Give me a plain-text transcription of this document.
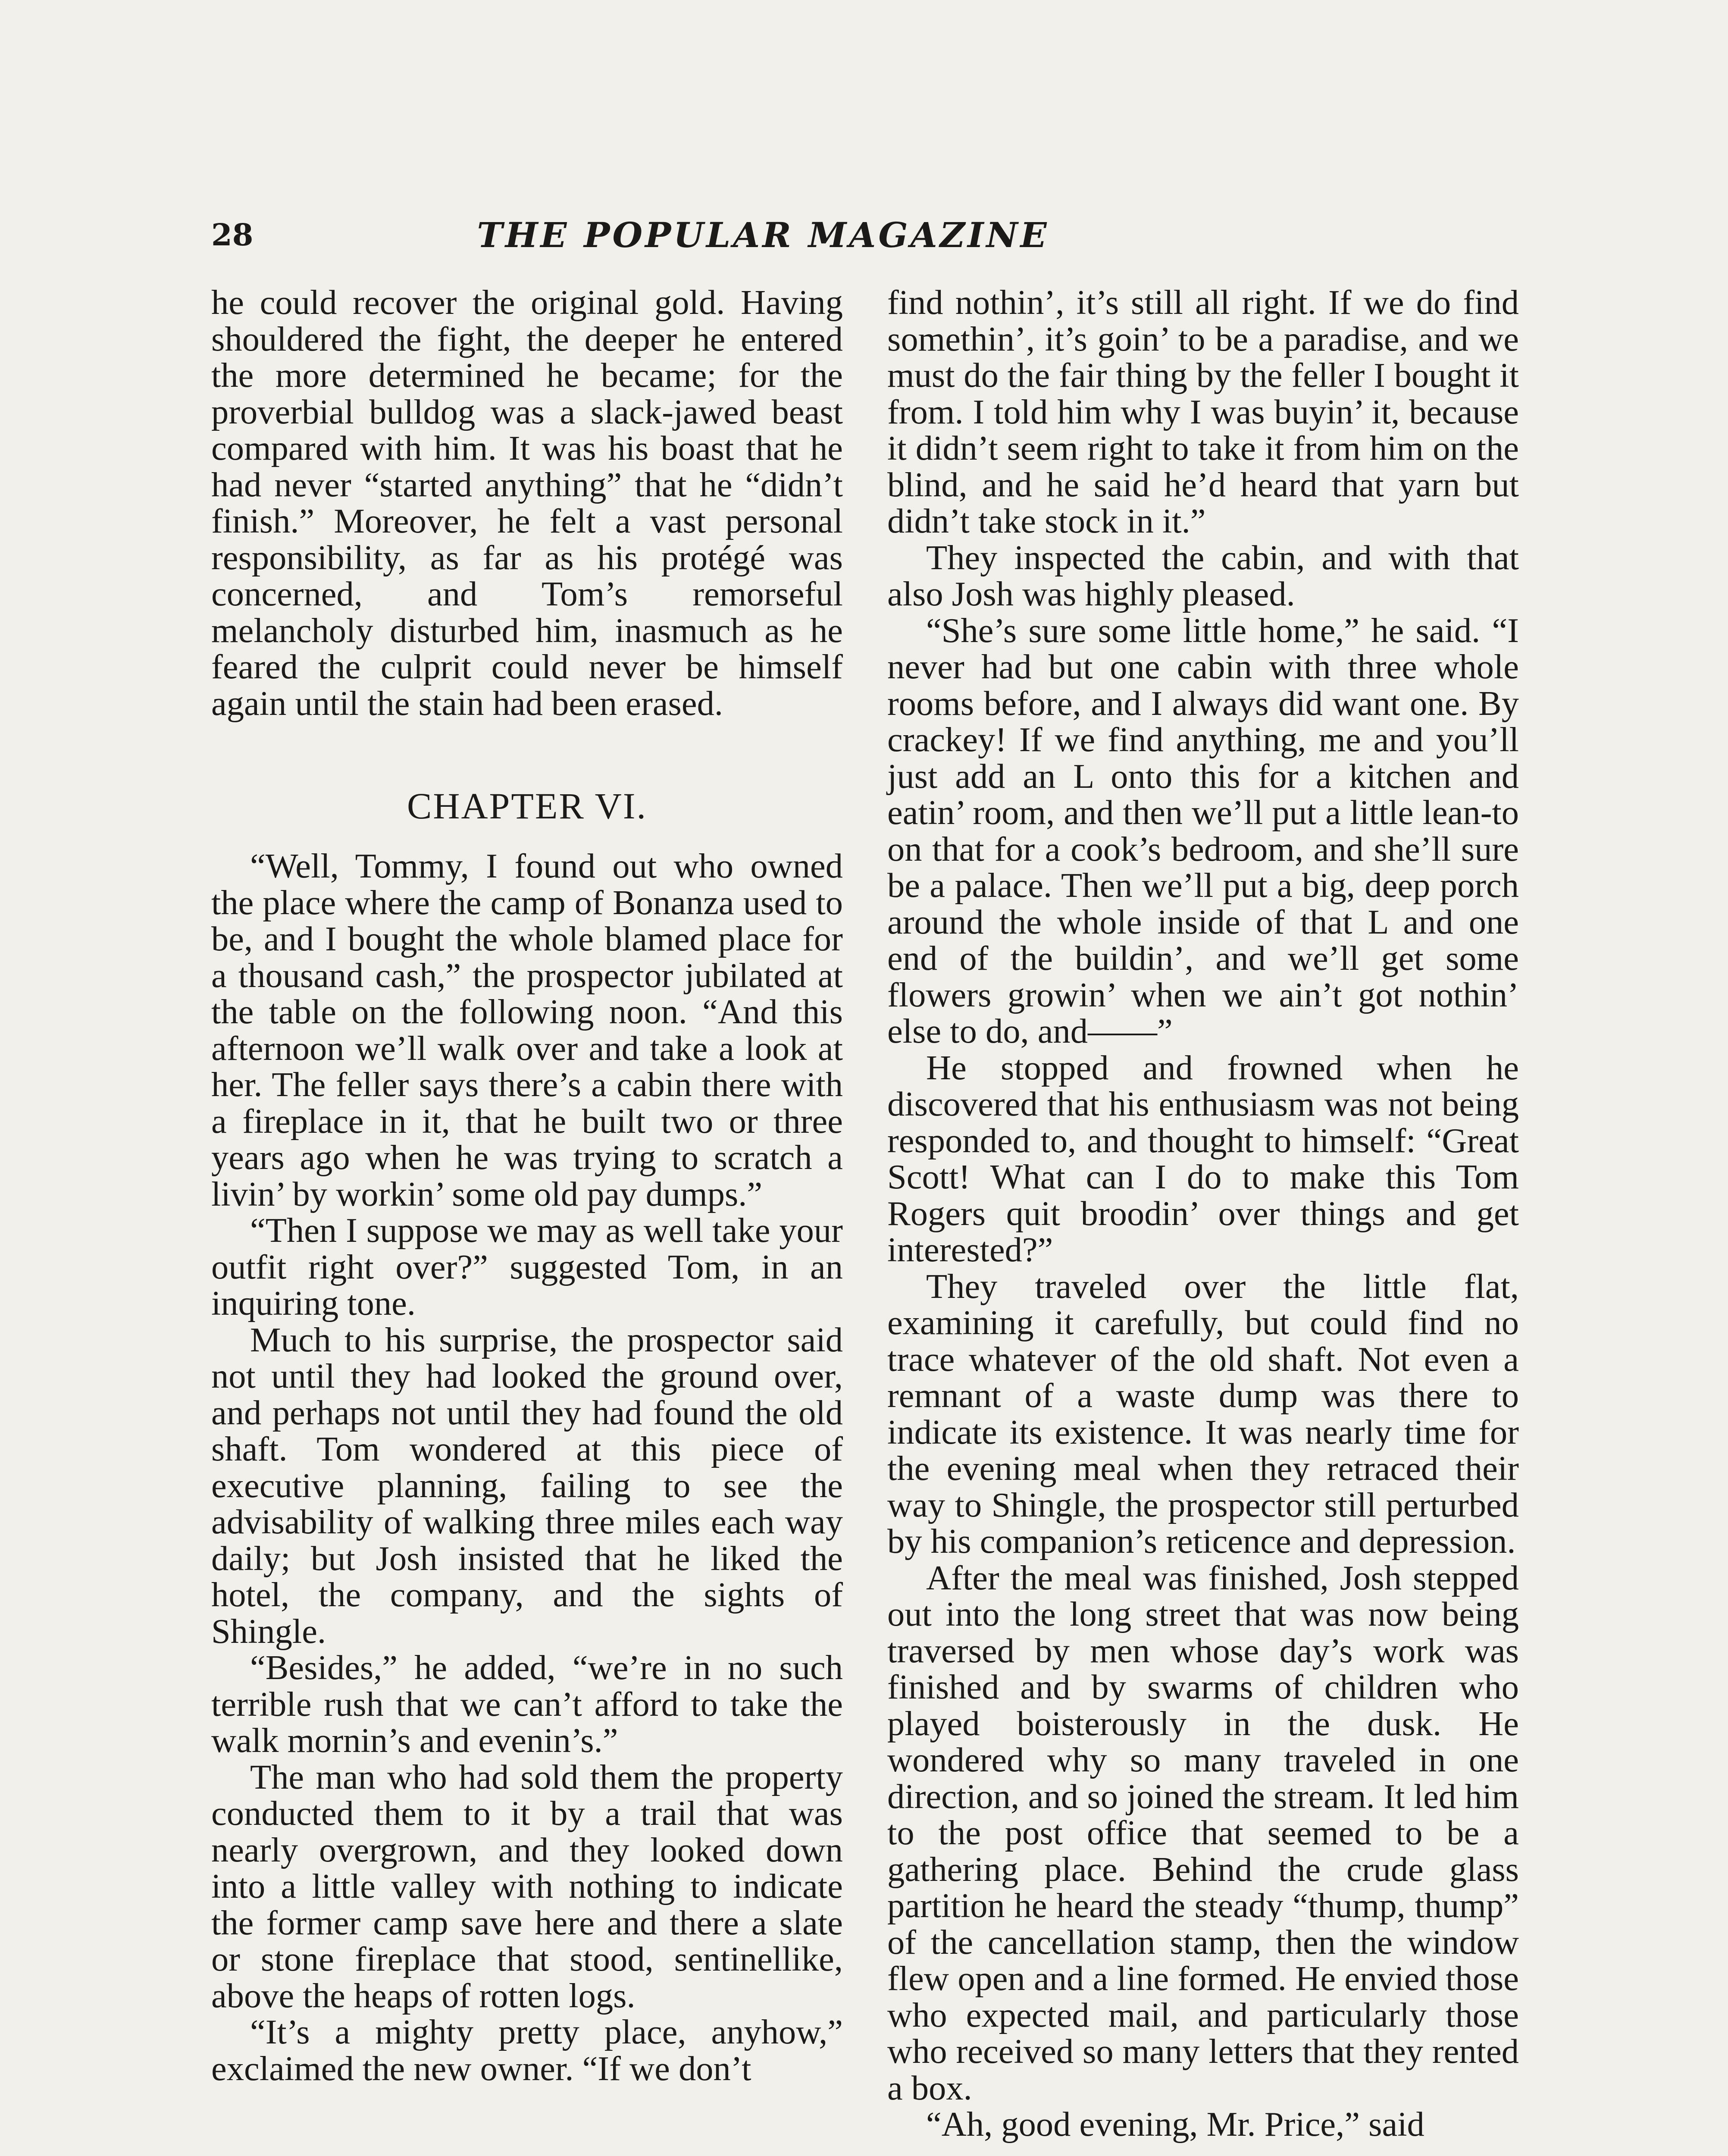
28	THE POPULAR MAGAZINE

he could recover the original gold. Having shouldered the fight, the deeper he entered the more determined he became; for the proverbial bulldog was a slack-jawed beast compared with him. It was his boast that he had never “started anything” that he “didn’t finish.” Moreover, he felt a vast personal responsibility, as far as his protégé was concerned, and Tom’s remorseful melancholy disturbed him, inasmuch as he feared the culprit could never be himself again until the stain had been erased.

CHAPTER VI.

“Well, Tommy, I found out who owned the place where the camp of Bonanza used to be, and I bought the whole blamed place for a thousand cash,” the prospector jubilated at the table on the following noon. “And this afternoon we’ll walk over and take a look at her. The feller says there’s a cabin there with a fireplace in it, that he built two or three years ago when he was trying to scratch a livin’ by workin’ some old pay dumps.”

“Then I suppose we may as well take your outfit right over?” suggested Tom, in an inquiring tone.

Much to his surprise, the prospector said not until they had looked the ground over, and perhaps not until they had found the old shaft. Tom wondered at this piece of executive planning, failing to see the advisability of walking three miles each way daily; but Josh insisted that he liked the hotel, the company, and the sights of Shingle.

“Besides,” he added, “we’re in no such terrible rush that we can’t afford to take the walk mornin’s and evenin’s.”

The man who had sold them the property conducted them to it by a trail that was nearly overgrown, and they looked down into a little valley with nothing to indicate the former camp save here and there a slate or stone fireplace that stood, sentinellike, above the heaps of rotten logs.

“It’s a mighty pretty place, anyhow,” exclaimed the new owner. “If we don’t

find nothin’, it’s still all right. If we do find somethin’, it’s goin’ to be a paradise, and we must do the fair thing by the feller I bought it from. I told him why I was buyin’ it, because it didn’t seem right to take it from him on the blind, and he said he’d heard that yarn but didn’t take stock in it.”

They inspected the cabin, and with that also Josh was highly pleased.

“She’s sure some little home,” he said. “I never had but one cabin with three whole rooms before, and I always did want one. By crackey! If we find anything, me and you’ll just add an L onto this for a kitchen and eatin’ room, and then we’ll put a little lean-to on that for a cook’s bedroom, and she’ll sure be a palace. Then we’ll put a big, deep porch around the whole inside of that L and one end of the buildin’, and we’ll get some flowers growin’ when we ain’t got nothin’ else to do, and——”

He stopped and frowned when he discovered that his enthusiasm was not being responded to, and thought to himself: “Great Scott! What can I do to make this Tom Rogers quit broodin’ over things and get interested?”

They traveled over the little flat, examining it carefully, but could find no trace whatever of the old shaft. Not even a remnant of a waste dump was there to indicate its existence. It was nearly time for the evening meal when they retraced their way to Shingle, the prospector still perturbed by his companion’s reticence and depression.

After the meal was finished, Josh stepped out into the long street that was now being traversed by men whose day’s work was finished and by swarms of children who played boisterously in the dusk. He wondered why so many traveled in one direction, and so joined the stream. It led him to the post office that seemed to be a gathering place. Behind the crude glass partition he heard the steady “thump, thump” of the cancellation stamp, then the window flew open and a line formed. He envied those who expected mail, and particularly those who received so many letters that they rented a box.

“Ah, good evening, Mr. Price,” said
